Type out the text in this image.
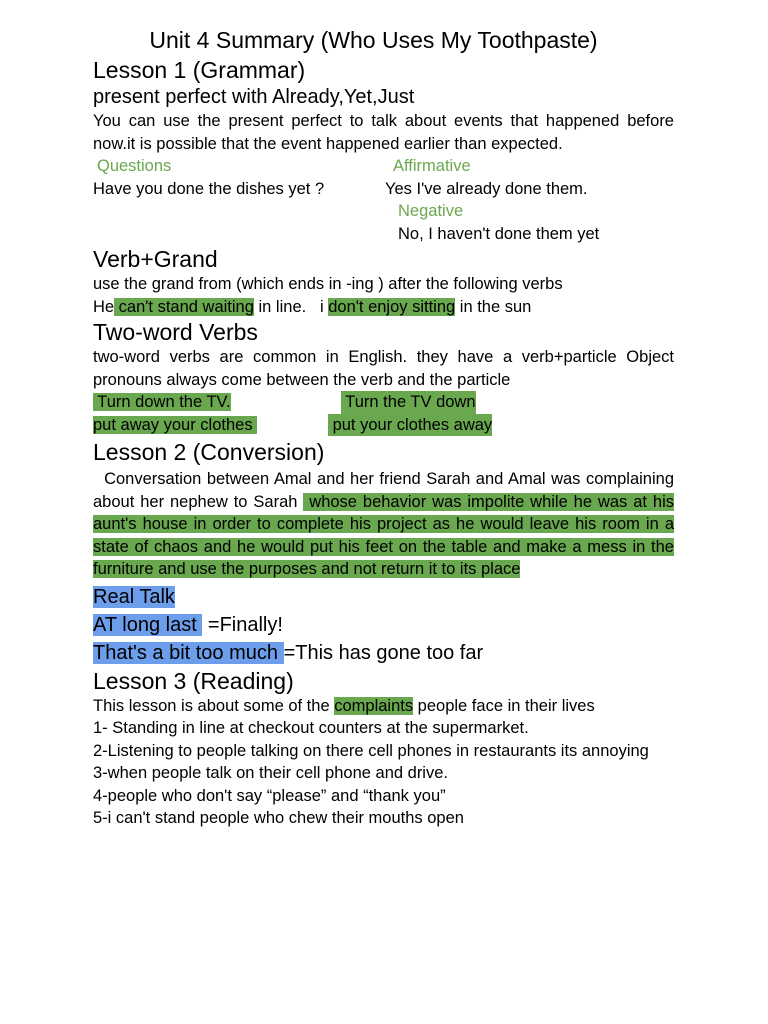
Unit 4 Summary (Who Uses My Toothpaste)
Lesson 1 (Grammar)
present perfect with Already,Yet,Just
You can use the present perfect to talk about events that happened before now.it is possible that the event happened earlier than expected.
Questions	Affirmative
Have you done the dishes yet ?	Yes I've already done them.
Negative
No, I haven't done them yet
Verb+Grand
use the grand from (which ends in -ing ) after the following verbs
He can't stand waiting in line.   i don't enjoy sitting in the sun
Two-word Verbs
two-word verbs are common in English. they have a verb+particle Object pronouns always come between the verb and the particle
Turn down the TV.	Turn the TV down
put away your clothes	put your clothes away
Lesson 2 (Conversion)
Conversation between Amal and her friend Sarah and Amal was complaining about her nephew to Sarah  whose behavior was impolite while he was at his aunt's house in order to complete his project as he would leave his room in a state of chaos and he would put his feet on the table and make a mess in the furniture and use the purposes and not return it to its place
Real Talk
AT long last  =Finally!
That's a bit too much =This has gone too far
Lesson 3 (Reading)
This lesson is about some of the complaints people face in their lives
1- Standing in line at checkout counters at the supermarket.
2-Listening to people talking on there cell phones in restaurants its annoying
3-when people talk on their cell phone and drive.
4-people who don't say “please” and “thank you”
5-i can't stand people who chew their mouths open
